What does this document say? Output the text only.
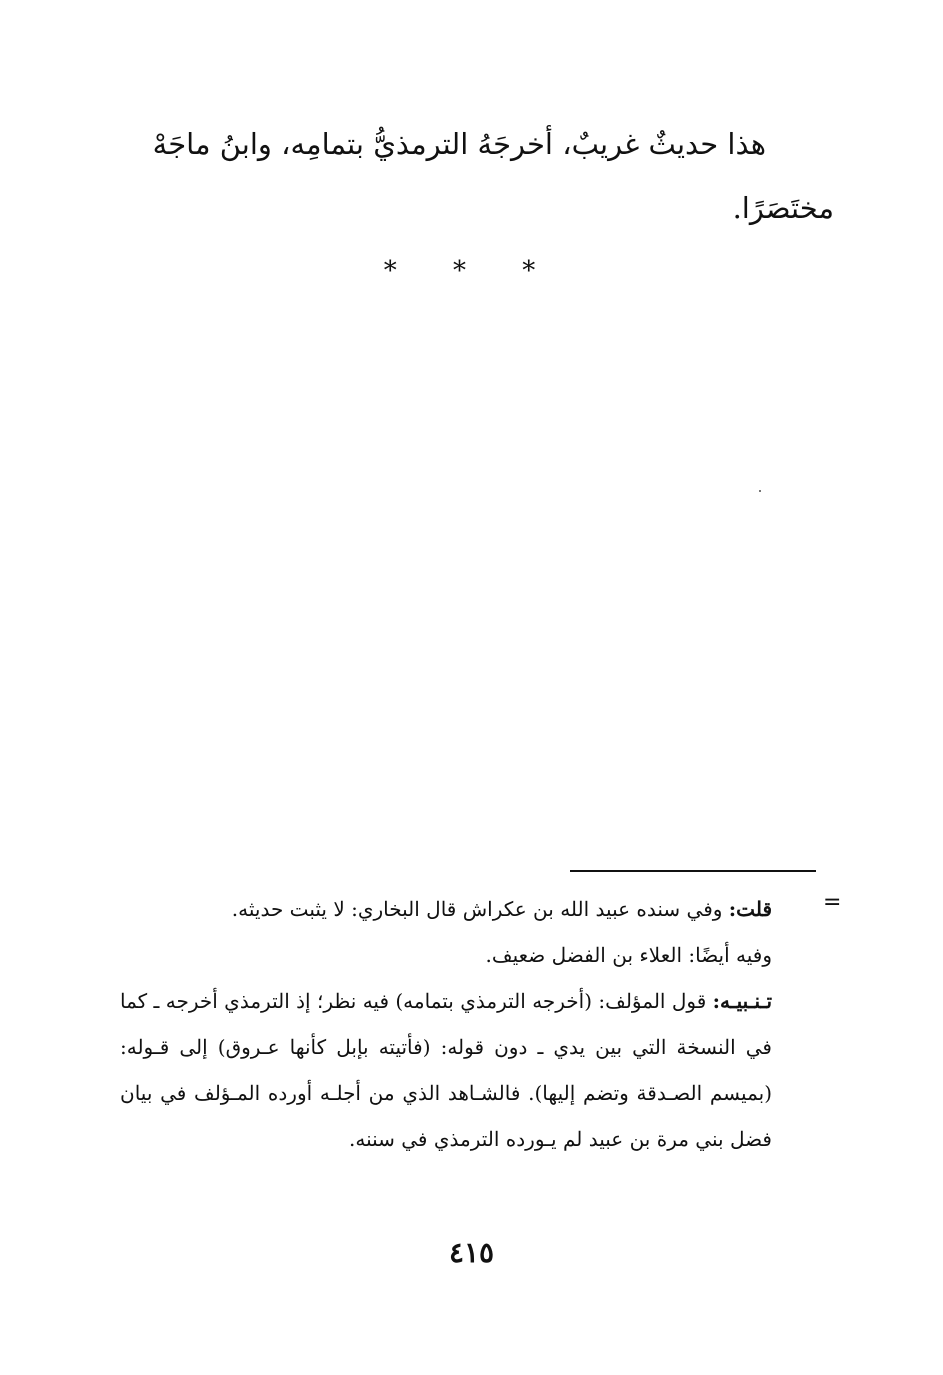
هذا حديثٌ غريبٌ، أخرجَهُ الترمذيُّ بتمامِه، وابنُ ماجَهْ
مختَصَرًا.

* * *

=

قلت: وفي سنده عبيد الله بن عكراش قال البخاري: لا يثبت حديثه.

وفيه أيضًا: العلاء بن الفضل ضعيف.

تـنـبيـه: قول المؤلف: (أخرجه الترمذي بتمامه) فيه نظر؛ إذ الترمذي أخرجه ـ كما في النسخة التي بين يدي ـ دون قوله: (فأتيته بإبل كأنها عـروق) إلى قـوله: (بميسم الصـدقة وتضم إليها). فالشـاهد الذي من أجلـه أورده المـؤلف في بيان فضل بني مرة بن عبيد لم يـورده الترمذي في سننه.

٤١٥
